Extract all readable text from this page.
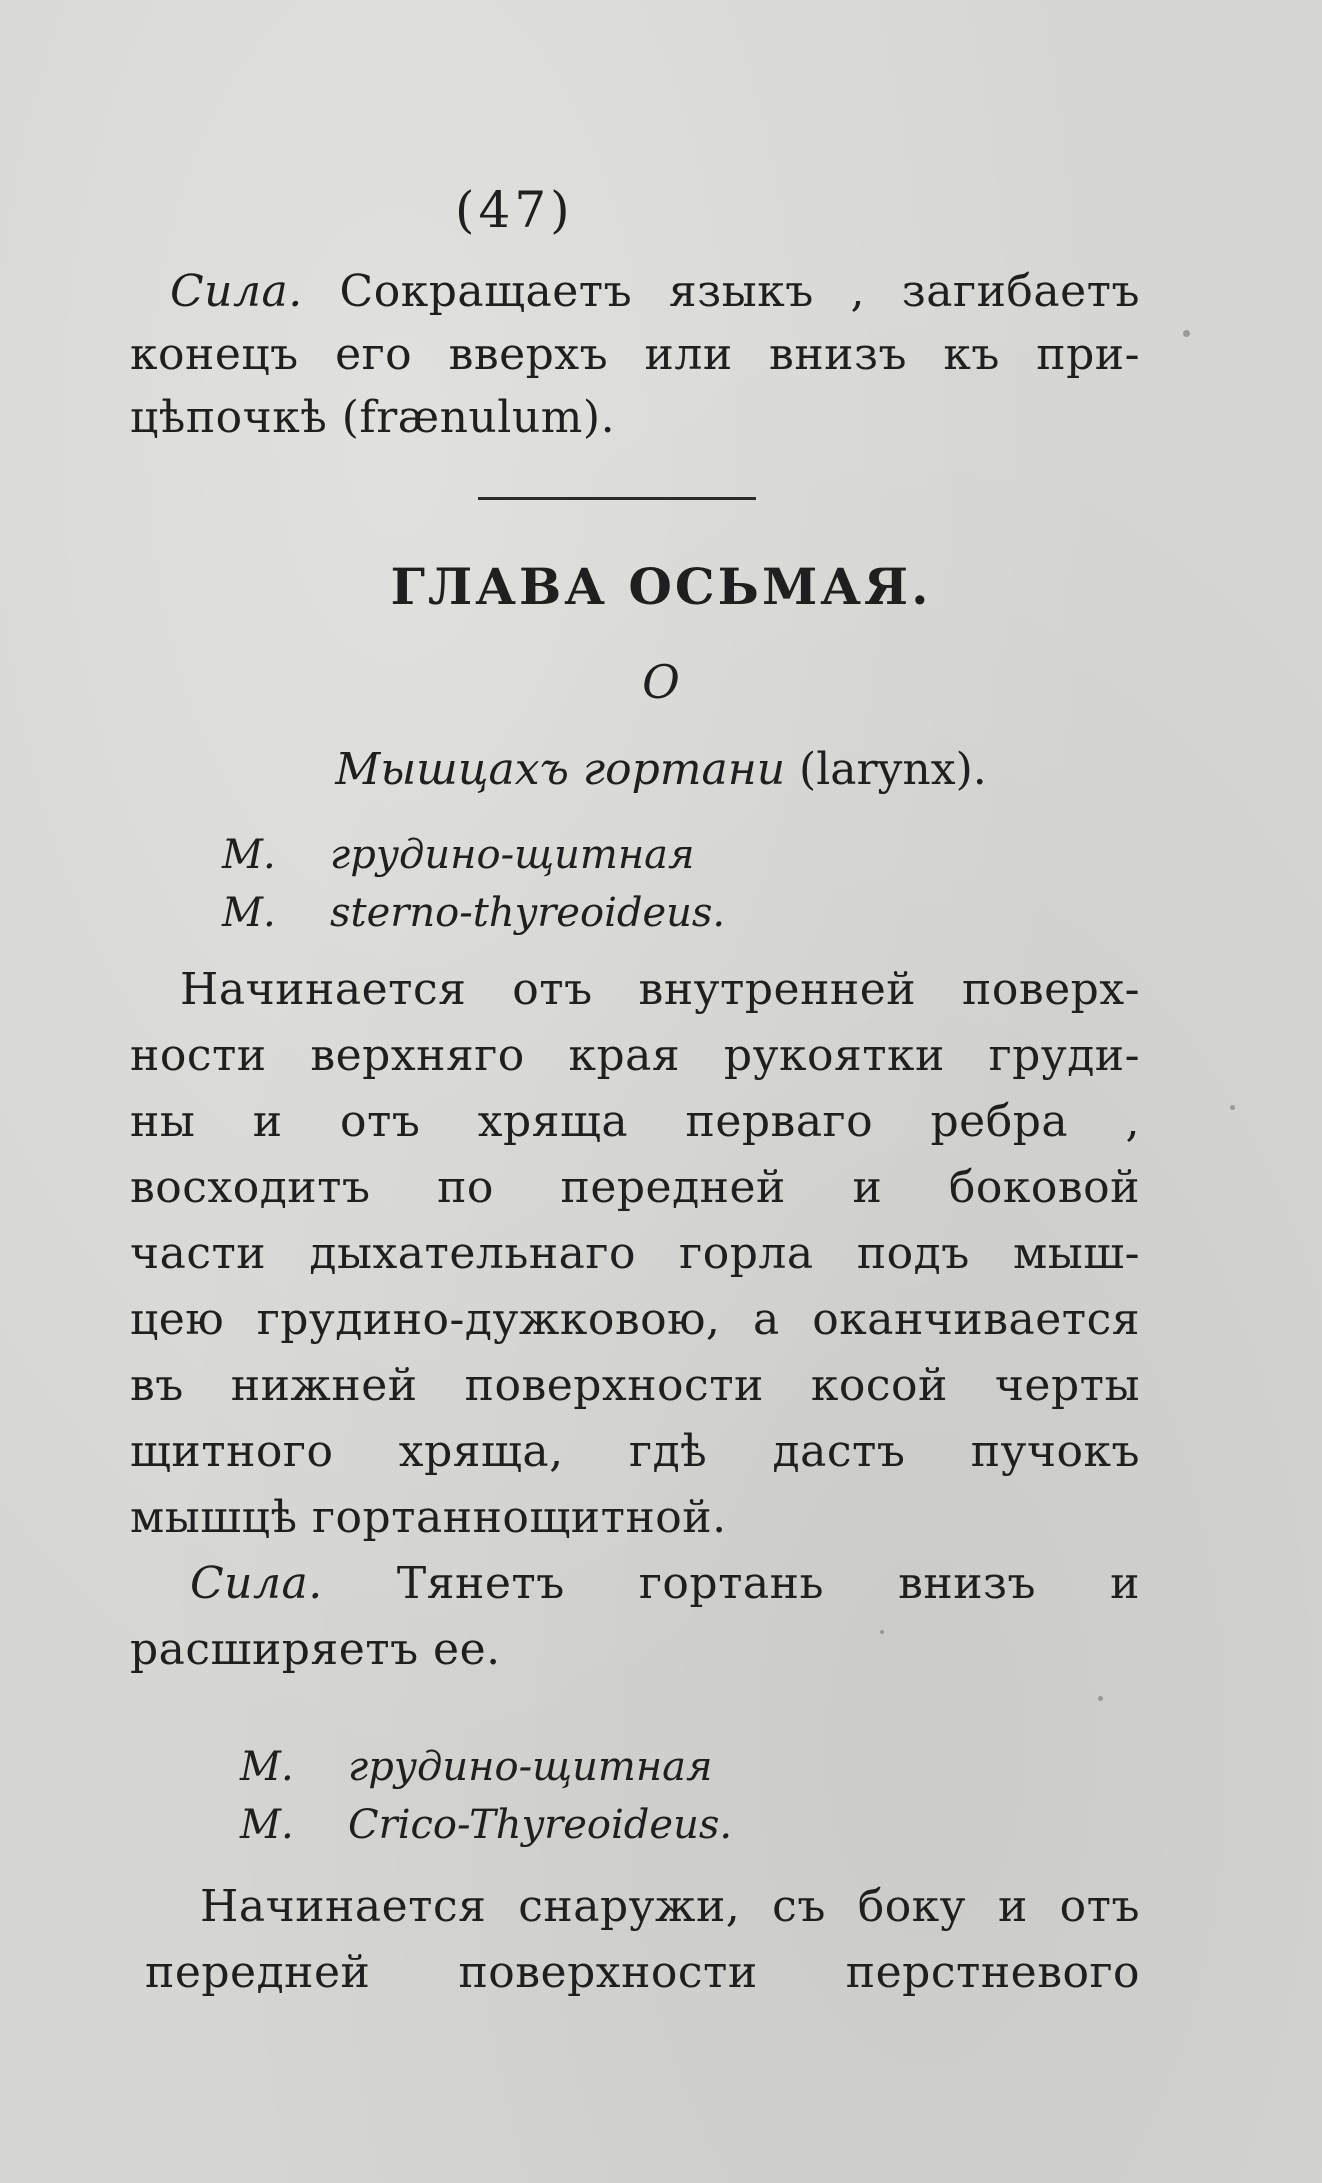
(47)
Сила. Сокращаетъ языкъ , загибаетъ
конецъ его вверхъ или внизъ къ при-
цѣпочкѣ (frænulum).
ГЛАВА ОСЬМАЯ.
О
Мышцахъ гортани (larynx).
М. грудино-щитная
М. sterno-thyreoideus.
Начинается отъ внутренней поверх-
ности верхняго края рукоятки груди-
ны и отъ хряща перваго ребра ,
восходитъ по передней и боковой
части дыхательнаго горла подъ мыш-
цею грудино-дужковою, а оканчивается
въ нижней поверхности косой черты
щитного хряща, гдѣ дастъ пучокъ
мышцѣ гортаннощитной.
Сила. Тянетъ гортань внизъ и
расширяетъ ее.
М. грудино-щитная
М. Crico-Thyreoideus.
Начинается снаружи, съ боку и отъ
передней поверхности перстневого
